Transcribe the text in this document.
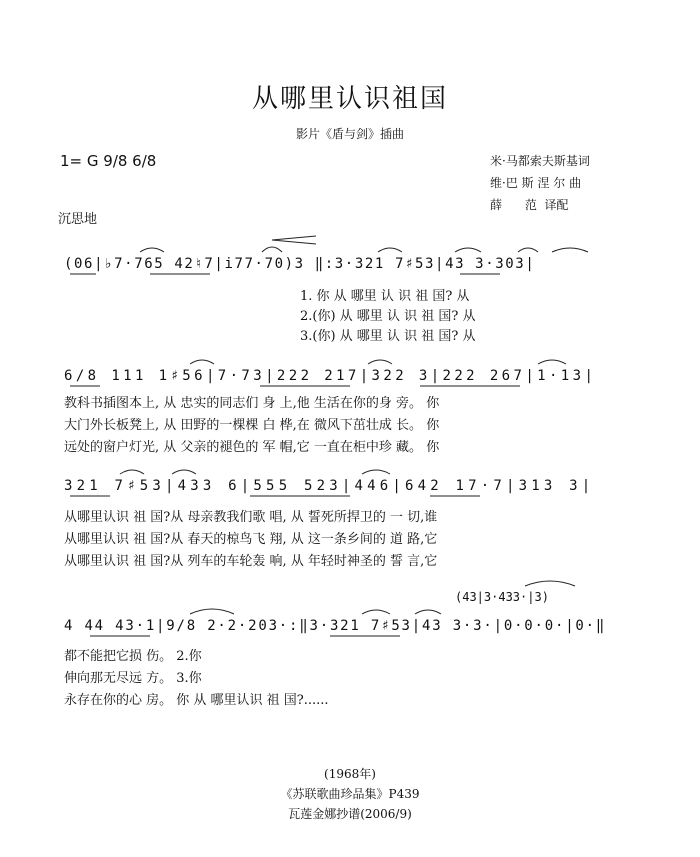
从哪里认识祖国
影片《盾与剑》插曲
1= G 9/8 6/8	米·马都索夫斯基词
维·巴 斯 涅 尔 曲
薛      范  译配
沉思地
(06|♭7·765 42♮7|i77·70)3 ‖:3·321 7♯53|43 3·303|
1. 你 从 哪里 认 识 祖 国? 从
2.(你) 从 哪里 认 识 祖 国? 从
3.(你) 从 哪里 认 识 祖 国? 从
6/8 111 1♯56|7·73|222 217|322 3|222 267|1·13|
教科书插图本上, 从 忠实的同志们 身 上,他 生活在你的身 旁。 你
大门外长板凳上, 从 田野的一棵棵 白 桦,在 微风下茁壮成 长。 你
远处的窗户灯光, 从 父亲的褪色的 军 帽,它 一直在柜中珍 藏。 你
321 7♯53|433 6|555 523|446|642 17·7|313 3|
从哪里认识 祖 国?从 母亲教我们歌 唱, 从 誓死所捍卫的 一 切,谁
从哪里认识 祖 国?从 春天的椋鸟飞 翔, 从 这一条乡间的 道 路,它
从哪里认识 祖 国?从 列车的车轮轰 响, 从 年轻时神圣的 誓 言,它
(43|3·433·|3)
4 44 43·1|9/8 2·2·203·:‖3·321 7♯53|43 3·3·|0·0·0·|0·‖
都不能把它损 伤。 2.你
伸向那无尽远 方。 3.你
永存在你的心 房。 你 从 哪里认识 祖 国?......
(1968年)
《苏联歌曲珍品集》P439
瓦莲金娜抄谱(2006/9)
